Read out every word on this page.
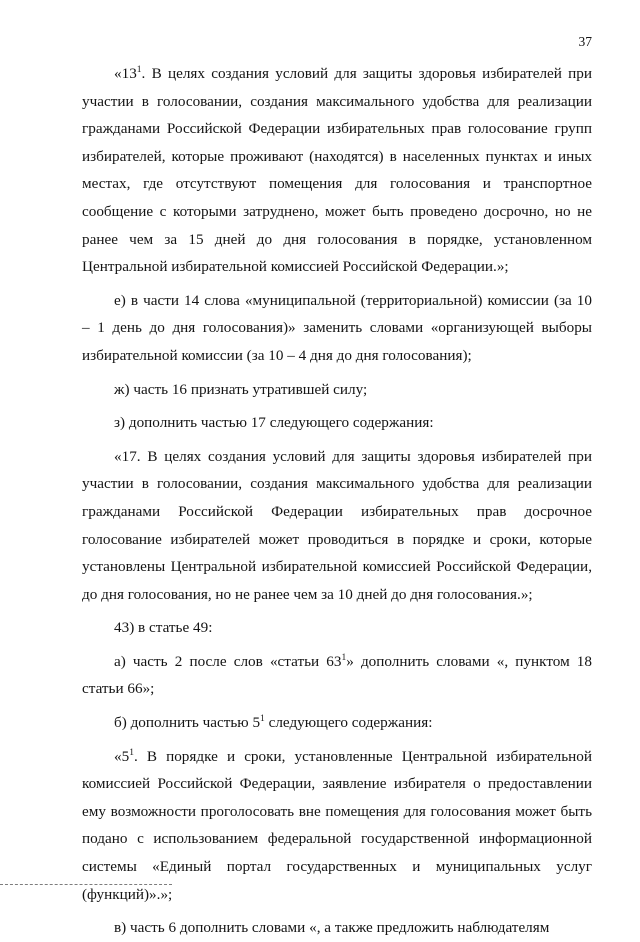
37

«$13^1$. В целях создания условий для защиты здоровья избирателей при участии в голосовании, создания максимального удобства для реализации гражданами Российской Федерации избирательных прав голосование групп избирателей, которые проживают (находятся) в населенных пунктах и иных местах, где отсутствуют помещения для голосования и транспортное сообщение с которыми затруднено, может быть проведено досрочно, но не ранее чем за 15 дней до дня голосования в порядке, установленном Центральной избирательной комиссией Российской Федерации.»;

е) в части 14 слова «муниципальной (территориальной) комиссии (за 10 – 1 день до дня голосования)» заменить словами «организующей выборы избирательной комиссии (за 10 – 4 дня до дня голосования);

ж) часть 16 признать утратившей силу;

з) дополнить частью 17 следующего содержания:

«17. В целях создания условий для защиты здоровья избирателей при участии в голосовании, создания максимального удобства для реализации гражданами Российской Федерации избирательных прав досрочное голосование избирателей может проводиться в порядке и сроки, которые установлены Центральной избирательной комиссией Российской Федерации, до дня голосования, но не ранее чем за 10 дней до дня голосования.»;

43) в статье 49:

а) часть 2 после слов «статьи $63^1$» дополнить словами «, пунктом 18 статьи 66»;

б) дополнить частью $5^1$ следующего содержания:

«$5^1$. В порядке и сроки, установленные Центральной избирательной комиссией Российской Федерации, заявление избирателя о предоставлении ему возможности проголосовать вне помещения для голосования может быть подано с использованием федеральной государственной информационной системы «Единый портал государственных и муниципальных услуг (функций)».»;

в) часть 6 дополнить словами «, а также предложить наблюдателям
